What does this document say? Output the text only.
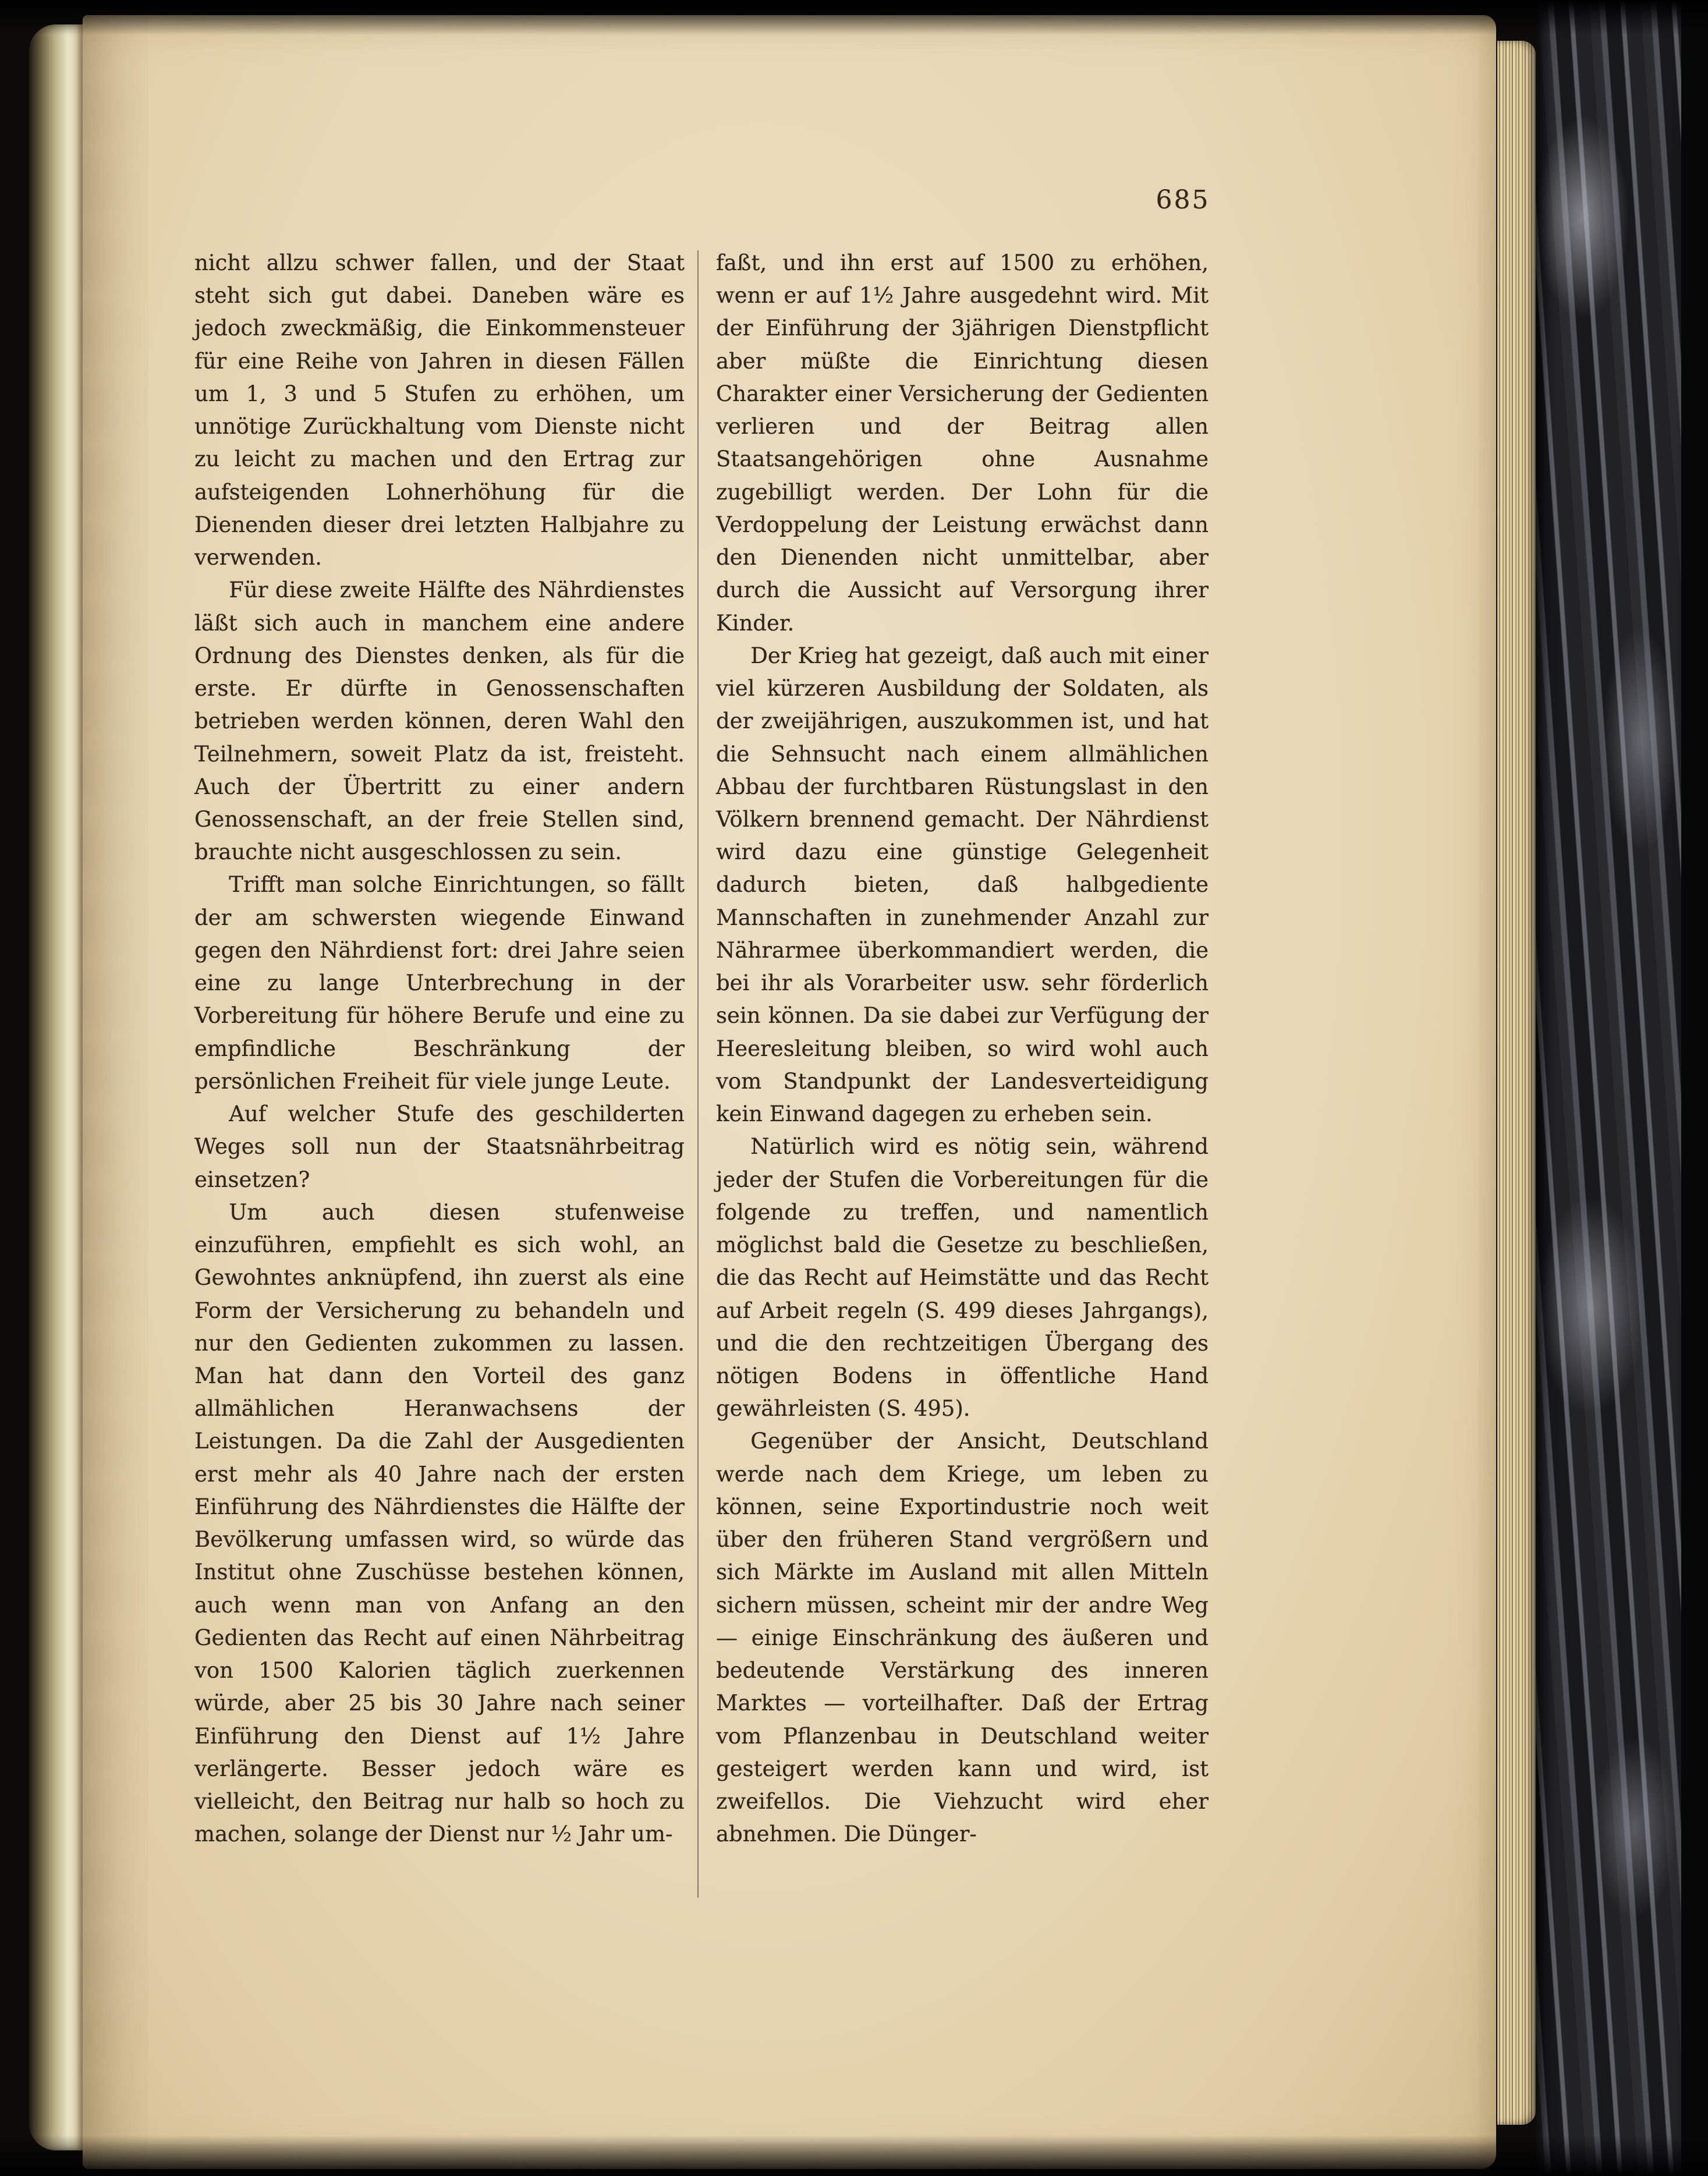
685

nicht allzu schwer fallen, und der Staat steht sich gut dabei. Daneben wäre es jedoch zweckmäßig, die Einkommensteuer für eine Reihe von Jahren in diesen Fällen um 1, 3 und 5 Stufen zu erhöhen, um unnötige Zurückhaltung vom Dienste nicht zu leicht zu machen und den Ertrag zur aufsteigenden Lohnerhöhung für die Dienenden dieser drei letzten Halbjahre zu verwenden.

Für diese zweite Hälfte des Nährdienstes läßt sich auch in manchem eine andere Ordnung des Dienstes denken, als für die erste. Er dürfte in Genossenschaften betrieben werden können, deren Wahl den Teilnehmern, soweit Platz da ist, freisteht. Auch der Übertritt zu einer andern Genossenschaft, an der freie Stellen sind, brauchte nicht ausgeschlossen zu sein.

Trifft man solche Einrichtungen, so fällt der am schwersten wiegende Einwand gegen den Nährdienst fort: drei Jahre seien eine zu lange Unterbrechung in der Vorbereitung für höhere Berufe und eine zu empfindliche Beschränkung der persönlichen Freiheit für viele junge Leute.

Auf welcher Stufe des geschilderten Weges soll nun der Staatsnährbeitrag einsetzen?

Um auch diesen stufenweise einzuführen, empfiehlt es sich wohl, an Gewohntes anknüpfend, ihn zuerst als eine Form der Versicherung zu behandeln und nur den Gedienten zukommen zu lassen. Man hat dann den Vorteil des ganz allmählichen Heranwachsens der Leistungen. Da die Zahl der Ausgedienten erst mehr als 40 Jahre nach der ersten Einführung des Nährdienstes die Hälfte der Bevölkerung umfassen wird, so würde das Institut ohne Zuschüsse bestehen können, auch wenn man von Anfang an den Gedienten das Recht auf einen Nährbeitrag von 1500 Kalorien täglich zuerkennen würde, aber 25 bis 30 Jahre nach seiner Einführung den Dienst auf 1½ Jahre verlängerte. Besser jedoch wäre es vielleicht, den Beitrag nur halb so hoch zu machen, solange der Dienst nur ½ Jahr um-

faßt, und ihn erst auf 1500 zu erhöhen, wenn er auf 1½ Jahre ausgedehnt wird. Mit der Einführung der 3jährigen Dienstpflicht aber müßte die Einrichtung diesen Charakter einer Versicherung der Gedienten verlieren und der Beitrag allen Staatsangehörigen ohne Ausnahme zugebilligt werden. Der Lohn für die Verdoppelung der Leistung erwächst dann den Dienenden nicht unmittelbar, aber durch die Aussicht auf Versorgung ihrer Kinder.

Der Krieg hat gezeigt, daß auch mit einer viel kürzeren Ausbildung der Soldaten, als der zweijährigen, auszukommen ist, und hat die Sehnsucht nach einem allmählichen Abbau der furchtbaren Rüstungslast in den Völkern brennend gemacht. Der Nährdienst wird dazu eine günstige Gelegenheit dadurch bieten, daß halbgediente Mannschaften in zunehmender Anzahl zur Nährarmee überkommandiert werden, die bei ihr als Vorarbeiter usw. sehr förderlich sein können. Da sie dabei zur Verfügung der Heeresleitung bleiben, so wird wohl auch vom Standpunkt der Landesverteidigung kein Einwand dagegen zu erheben sein.

Natürlich wird es nötig sein, während jeder der Stufen die Vorbereitungen für die folgende zu treffen, und namentlich möglichst bald die Gesetze zu beschließen, die das Recht auf Heimstätte und das Recht auf Arbeit regeln (S. 499 dieses Jahrgangs), und die den rechtzeitigen Übergang des nötigen Bodens in öffentliche Hand gewährleisten (S. 495).

Gegenüber der Ansicht, Deutschland werde nach dem Kriege, um leben zu können, seine Exportindustrie noch weit über den früheren Stand vergrößern und sich Märkte im Ausland mit allen Mitteln sichern müssen, scheint mir der andre Weg — einige Einschränkung des äußeren und bedeutende Verstärkung des inneren Marktes — vorteilhafter. Daß der Ertrag vom Pflanzenbau in Deutschland weiter gesteigert werden kann und wird, ist zweifellos. Die Viehzucht wird eher abnehmen. Die Dünger-
